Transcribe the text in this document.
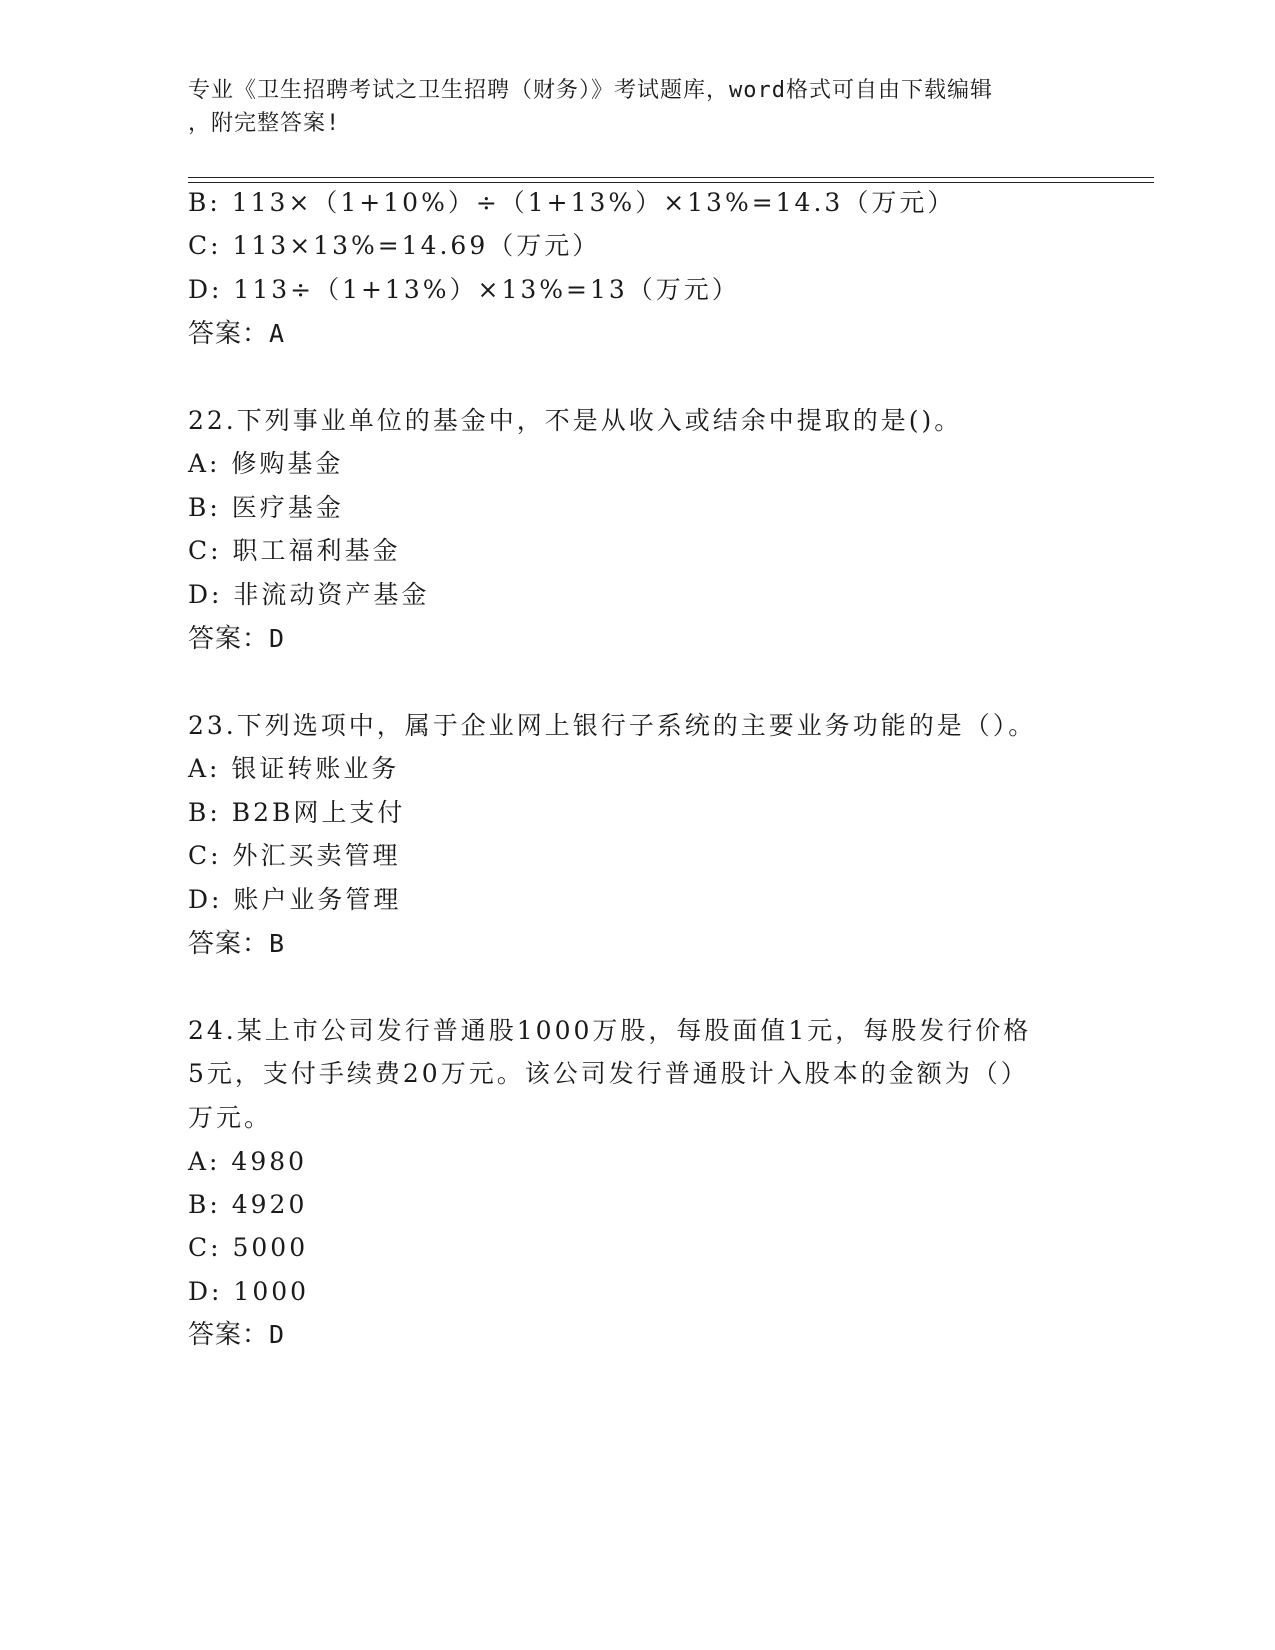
专业《卫生招聘考试之卫生招聘（财务）》考试题库，word格式可自由下载编辑
，附完整答案!
B: 113×（1+10%）÷（1+13%）×13%=14.3（万元）
C: 113×13%=14.69（万元）
D: 113÷（1+13%）×13%=13（万元）
答案：A
22.下列事业单位的基金中，不是从收入或结余中提取的是()。
A: 修购基金
B: 医疗基金
C: 职工福利基金
D: 非流动资产基金
答案：D
23.下列选项中，属于企业网上银行子系统的主要业务功能的是（）。
A: 银证转账业务
B: B2B网上支付
C: 外汇买卖管理
D: 账户业务管理
答案：B
24.某上市公司发行普通股1000万股，每股面值1元，每股发行价格
5元，支付手续费20万元。该公司发行普通股计入股本的金额为（）
万元。
A: 4980
B: 4920
C: 5000
D: 1000
答案：D
